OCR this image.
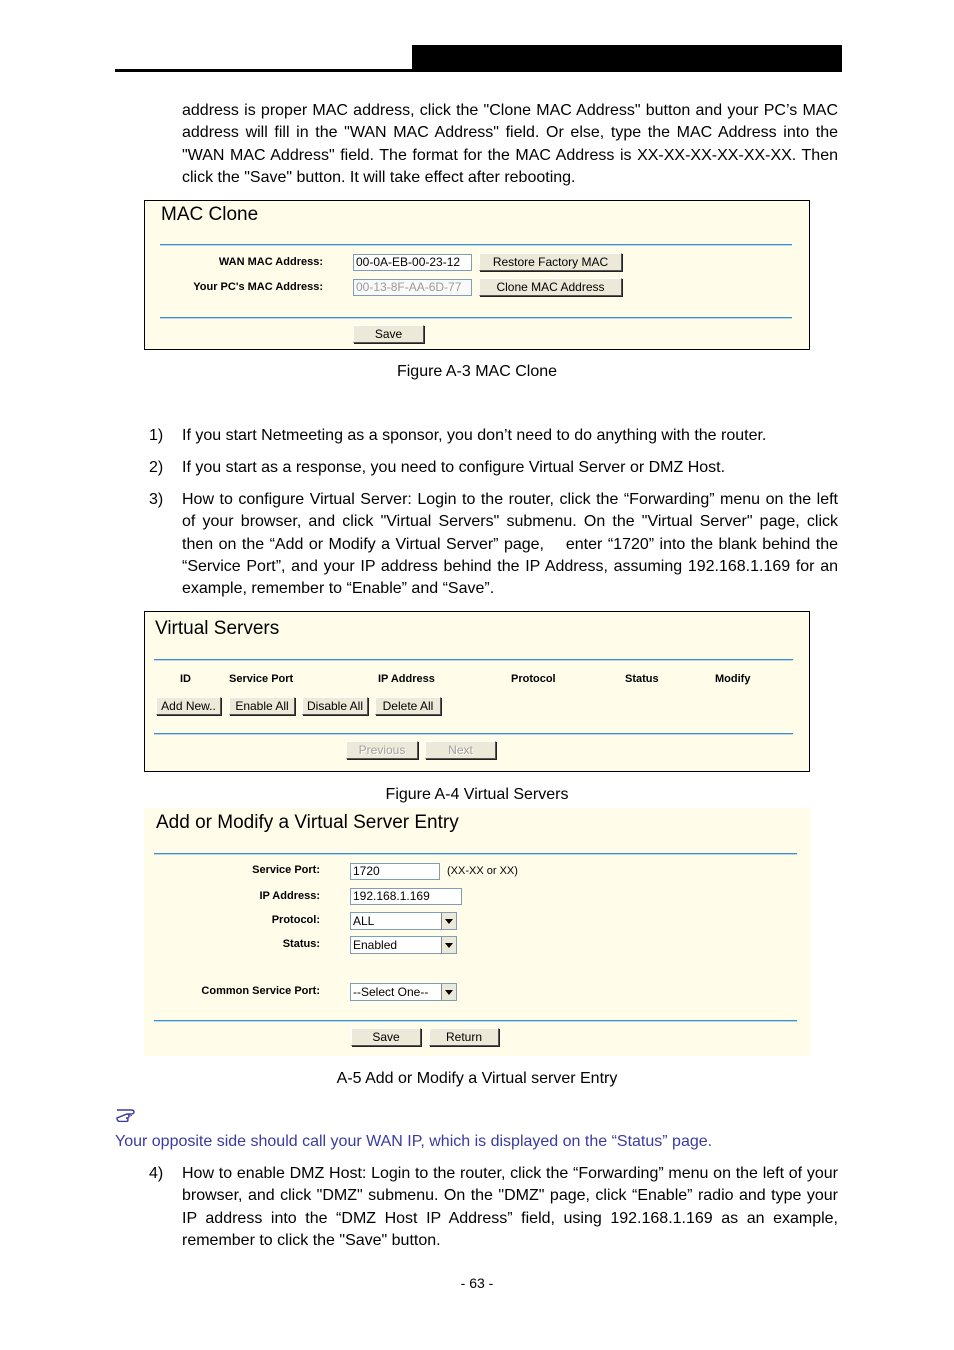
address is proper MAC address, click the "Clone MAC Address" button and your PC’s MAC address will fill in the "WAN MAC Address" field. Or else, type the MAC Address into the "WAN MAC Address" field. The format for the MAC Address is XX-XX-XX-XX-XX-XX. Then click the "Save" button. It will take effect after rebooting.
MAC Clone
WAN MAC Address:	00-0A-EB-00-23-12	Restore Factory MAC
Your PC's MAC Address:	00-13-8F-AA-6D-77	Clone MAC Address
Save
Figure A-3 MAC Clone
1) If you start Netmeeting as a sponsor, you don’t need to do anything with the router.
2) If you start as a response, you need to configure Virtual Server or DMZ Host.
3) How to configure Virtual Server: Login to the router, click the “Forwarding” menu on the left of your browser, and click "Virtual Servers" submenu. On the "Virtual Server" page, click                   then on the “Add or Modify a Virtual Server” page,    enter “1720” into the blank behind the “Service Port”, and your IP address behind the IP Address, assuming 192.168.1.169 for an example, remember to “Enable” and “Save”.
Virtual Servers
ID	Service Port	IP Address	Protocol	Status	Modify
Add New..	Enable All	Disable All	Delete All
Previous	Next
Figure A-4 Virtual Servers
Add or Modify a Virtual Server Entry
Service Port:	1720	(XX-XX or XX)
IP Address:	192.168.1.169
Protocol:	ALL
Status:	Enabled
Common Service Port:	--Select One--
Save	Return
A-5 Add or Modify a Virtual server Entry
Your opposite side should call your WAN IP, which is displayed on the “Status” page.
4) How to enable DMZ Host: Login to the router, click the “Forwarding” menu on the left of your browser, and click "DMZ" submenu. On the "DMZ" page, click “Enable” radio and type your IP address into the “DMZ Host IP Address” field, using 192.168.1.169 as an example, remember to click the "Save" button.
- 63 -
